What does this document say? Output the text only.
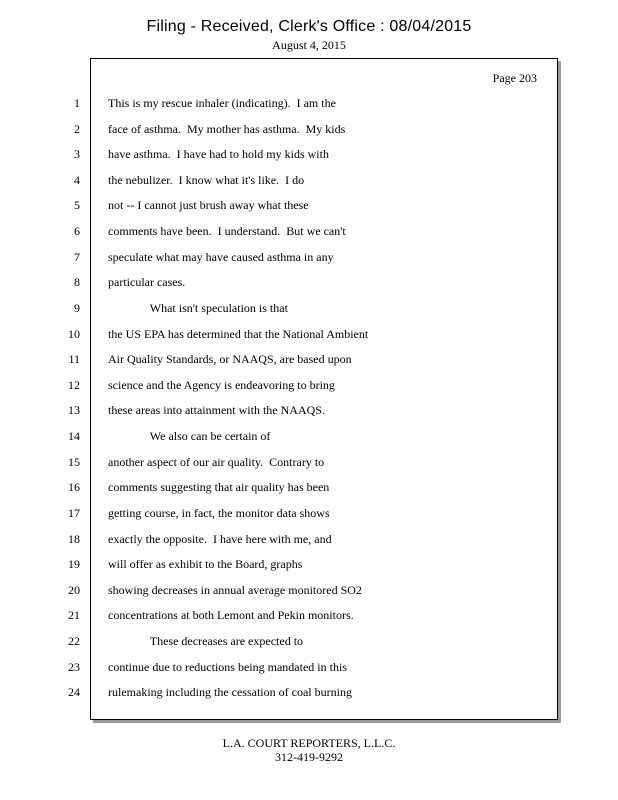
Filing - Received, Clerk's Office : 08/04/2015
August 4, 2015
Page 203
1 This is my rescue inhaler (indicating).  I am the
2 face of asthma.  My mother has asthma.  My kids
3 have asthma.  I have had to hold my kids with
4 the nebulizer.  I know what it's like.  I do
5 not -- I cannot just brush away what these
6 comments have been.  I understand.  But we can't
7 speculate what may have caused asthma in any
8 particular cases.
9 What isn't speculation is that
10 the US EPA has determined that the National Ambient
11 Air Quality Standards, or NAAQS, are based upon
12 science and the Agency is endeavoring to bring
13 these areas into attainment with the NAAQS.
14 We also can be certain of
15 another aspect of our air quality.  Contrary to
16 comments suggesting that air quality has been
17 getting course, in fact, the monitor data shows
18 exactly the opposite.  I have here with me, and
19 will offer as exhibit to the Board, graphs
20 showing decreases in annual average monitored SO2
21 concentrations at both Lemont and Pekin monitors.
22 These decreases are expected to
23 continue due to reductions being mandated in this
24 rulemaking including the cessation of coal burning
L.A. COURT REPORTERS, L.L.C.
312-419-9292
